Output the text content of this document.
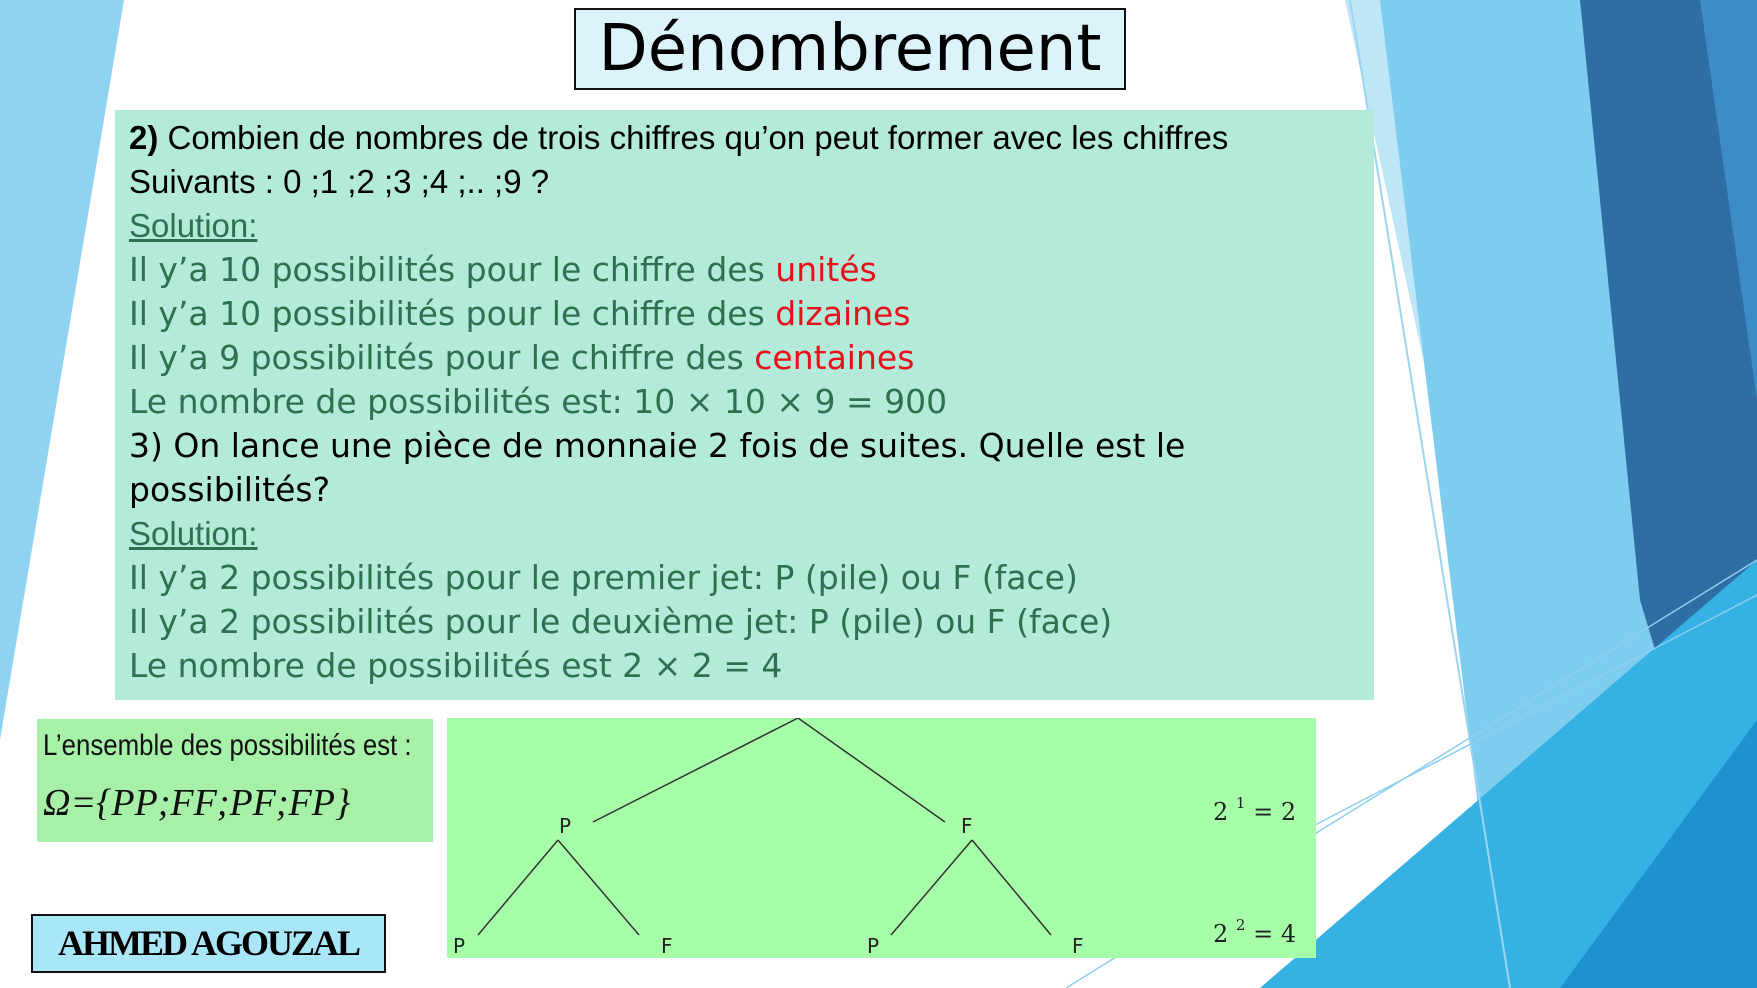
Dénombrement
2) Combien de nombres de trois chiffres qu’on peut former avec les chiffres
Suivants : 0 ;1 ;2 ;3 ;4 ;.. ;9 ?
Solution:
Il y’a 10 possibilités pour le chiffre des unités
Il y’a 10 possibilités pour le chiffre des dizaines
Il y’a 9 possibilités pour le chiffre des centaines
Le nombre de possibilités est: 10 × 10 × 9 = 900
3) On lance une pièce de monnaie 2 fois de suites. Quelle est le
possibilités?
Solution:
Il y’a 2 possibilités pour le premier jet: P (pile) ou F (face)
Il y’a 2 possibilités pour le deuxième jet: P (pile) ou F (face)
Le nombre de possibilités est 2 × 2 = 4
L’ensemble des possibilités est :
Ω={PP;FF;PF;FP}
P	F
P	F	P	F
2 $^1$ = 2
2 $^2$ = 4
AHMED AGOUZAL
